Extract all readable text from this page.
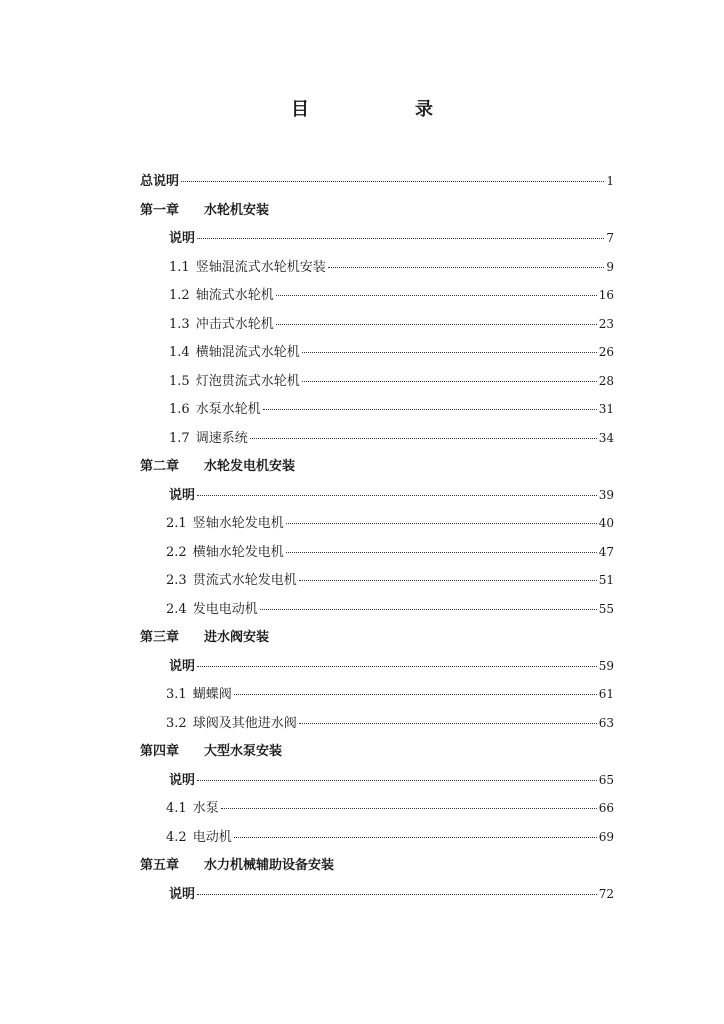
目　录
总说明	1
第一章	水轮机安装
说明	7
1.1 竖轴混流式水轮机安装	9
1.2 轴流式水轮机	16
1.3 冲击式水轮机	23
1.4 横轴混流式水轮机	26
1.5 灯泡贯流式水轮机	28
1.6 水泵水轮机	31
1.7 调速系统	34
第二章	水轮发电机安装
说明	39
2.1 竖轴水轮发电机	40
2.2 横轴水轮发电机	47
2.3 贯流式水轮发电机	51
2.4 发电电动机	55
第三章	进水阀安装
说明	59
3.1 蝴蝶阀	61
3.2 球阀及其他进水阀	63
第四章	大型水泵安装
说明	65
4.1 水泵	66
4.2 电动机	69
第五章	水力机械辅助设备安装
说明	72
